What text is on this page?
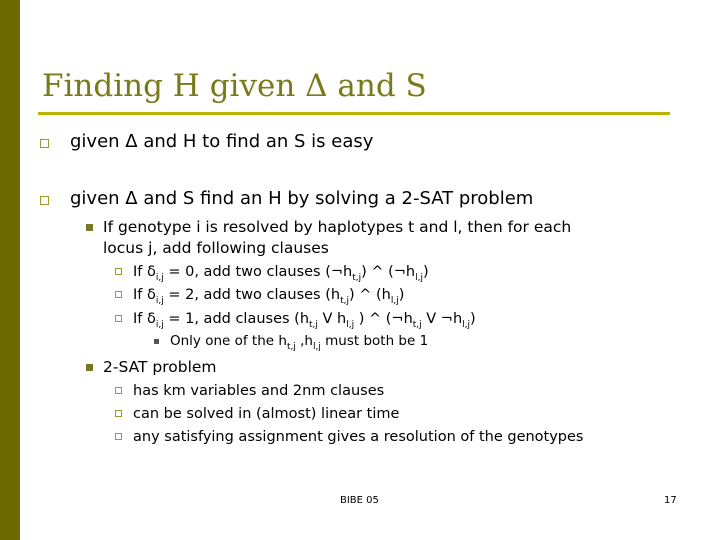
Finding H given Δ and S
given Δ and H to find an S is easy
given Δ and S find an H by solving a 2-SAT problem
If genotype i is resolved by haplotypes t and l, then for each
locus j, add following clauses
If $\delta_{i,j} = 0$, add two clauses $(\neg h_{t,j})$ ^ $(\neg h_{l,j})$
If $\delta_{i,j} = 2$, add two clauses $(h_{t,j})$ ^ $(h_{l,j})$
If $\delta_{i,j} = 1$, add clauses ($h_{t,j}$ V $h_{l,j}$ ) ^ ($\neg h_{t,j}$ V $\neg h_{l,j}$)
Only one of the $h_{t,j}$ $,h_{l,j}$ must both be 1
2-SAT problem
has km variables and 2nm clauses
can be solved in (almost) linear time
any satisfying assignment gives a resolution of the genotypes
BIBE 05	17
